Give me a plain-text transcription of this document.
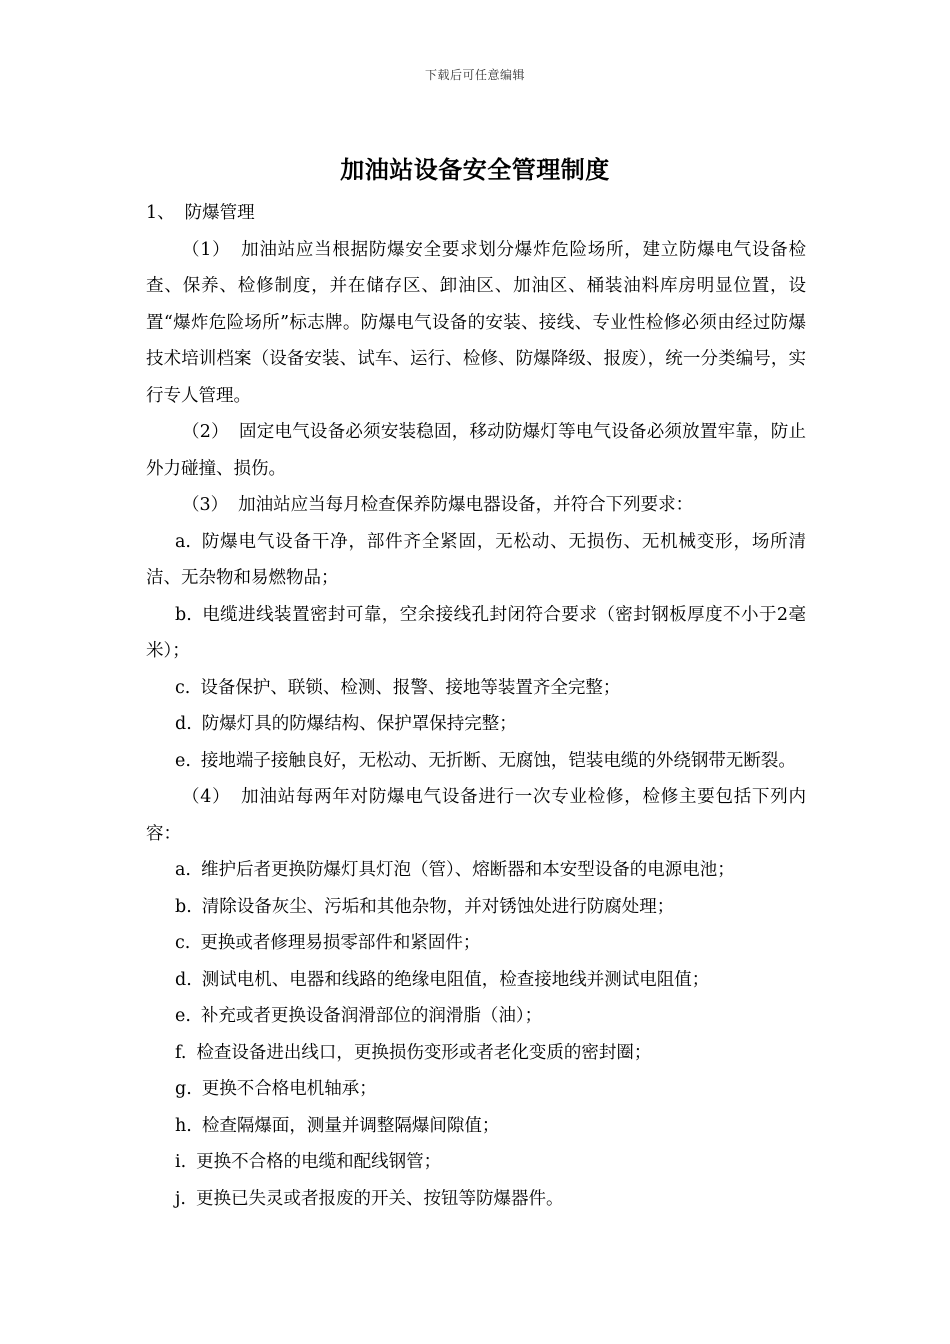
下载后可任意编辑
加油站设备安全管理制度
1、 防爆管理

（1） 加油站应当根据防爆安全要求划分爆炸危险场所，建立防爆电气设备检查、保养、检修制度，并在储存区、卸油区、加油区、桶装油料库房明显位置，设置“爆炸危险场所”标志牌。防爆电气设备的安装、接线、专业性检修必须由经过防爆技术培训档案（设备安装、试车、运行、检修、防爆降级、报废），统一分类编号，实行专人管理。

（2） 固定电气设备必须安装稳固，移动防爆灯等电气设备必须放置牢靠，防止外力碰撞、损伤。

（3） 加油站应当每月检查保养防爆电器设备，并符合下列要求：

a. 防爆电气设备干净，部件齐全紧固，无松动、无损伤、无机械变形，场所清洁、无杂物和易燃物品；

b. 电缆进线装置密封可靠，空余接线孔封闭符合要求（密封钢板厚度不小于2毫米）；

c. 设备保护、联锁、检测、报警、接地等装置齐全完整；

d. 防爆灯具的防爆结构、保护罩保持完整；

e. 接地端子接触良好，无松动、无折断、无腐蚀，铠装电缆的外绕钢带无断裂。

（4） 加油站每两年对防爆电气设备进行一次专业检修，检修主要包括下列内容：

a. 维护后者更换防爆灯具灯泡（管）、熔断器和本安型设备的电源电池；

b. 清除设备灰尘、污垢和其他杂物，并对锈蚀处进行防腐处理；

c. 更换或者修理易损零部件和紧固件；

d. 测试电机、电器和线路的绝缘电阻值，检查接地线并测试电阻值；

e. 补充或者更换设备润滑部位的润滑脂（油）；

f. 检查设备进出线口，更换损伤变形或者老化变质的密封圈；

g. 更换不合格电机轴承；

h. 检查隔爆面，测量并调整隔爆间隙值；

i. 更换不合格的电缆和配线钢管；

j. 更换已失灵或者报废的开关、按钮等防爆器件。
